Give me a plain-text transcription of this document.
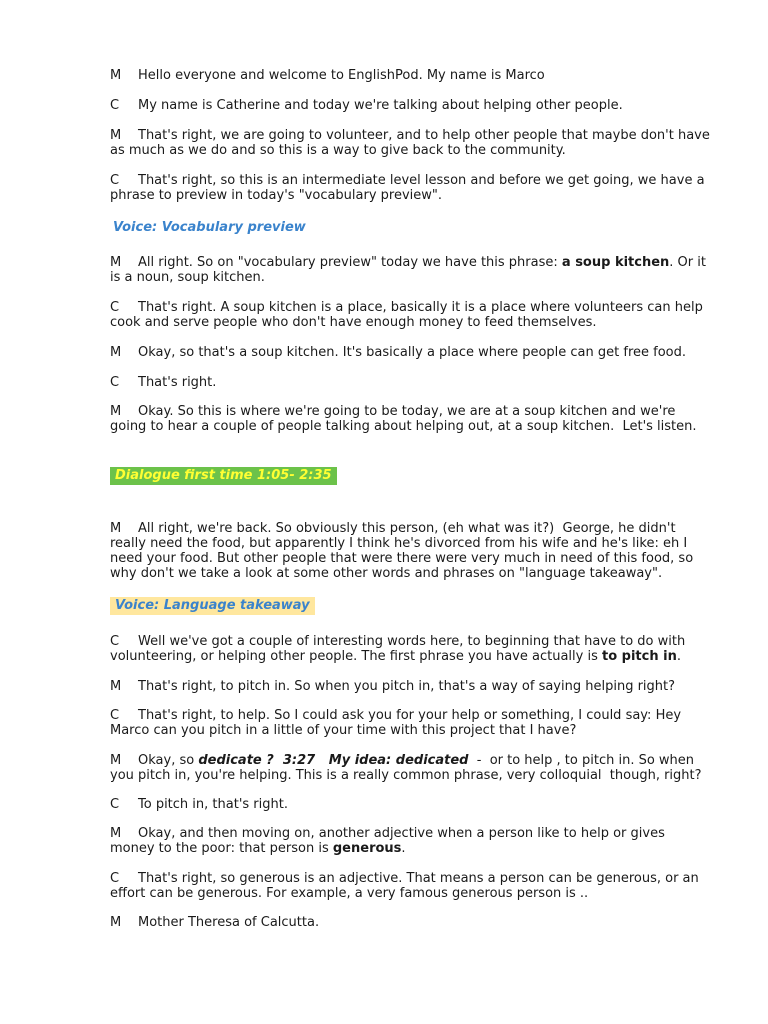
M Hello everyone and welcome to EnglishPod. My name is Marco

C My name is Catherine and today we're talking about helping other people.

M That's right, we are going to volunteer, and to help other people that maybe don't have as much as we do and so this is a way to give back to the community.

C That's right, so this is an intermediate level lesson and before we get going, we have a phrase to preview in today's "vocabulary preview".

Voice: Vocabulary preview

M All right. So on "vocabulary preview" today we have this phrase: a soup kitchen. Or it is a noun, soup kitchen.

C That's right. A soup kitchen is a place, basically it is a place where volunteers can help cook and serve people who don't have enough money to feed themselves.

M Okay, so that's a soup kitchen. It's basically a place where people can get free food.

C That's right.

M Okay. So this is where we're going to be today, we are at a soup kitchen and we're going to hear a couple of people talking about helping out, at a soup kitchen.  Let's listen.

Dialogue first time 1:05- 2:35

M All right, we're back. So obviously this person, (eh what was it?)  George, he didn't really need the food, but apparently I think he's divorced from his wife and he's like: eh I need your food. But other people that were there were very much in need of this food, so why don't we take a look at some other words and phrases on "language takeaway".

Voice: Language takeaway

C Well we've got a couple of interesting words here, to beginning that have to do with volunteering, or helping other people. The first phrase you have actually is to pitch in.

M That's right, to pitch in. So when you pitch in, that's a way of saying helping right?

C That's right, to help. So I could ask you for your help or something, I could say: Hey Marco can you pitch in a little of your time with this project that I have?

M Okay, so dedicate ?  3:27   My idea: dedicated  -  or to help , to pitch in. So when you pitch in, you're helping. This is a really common phrase, very colloquial  though, right?

C To pitch in, that's right.

M Okay, and then moving on, another adjective when a person like to help or gives money to the poor: that person is generous.

C That's right, so generous is an adjective. That means a person can be generous, or an effort can be generous. For example, a very famous generous person is ..

M Mother Theresa of Calcutta.
